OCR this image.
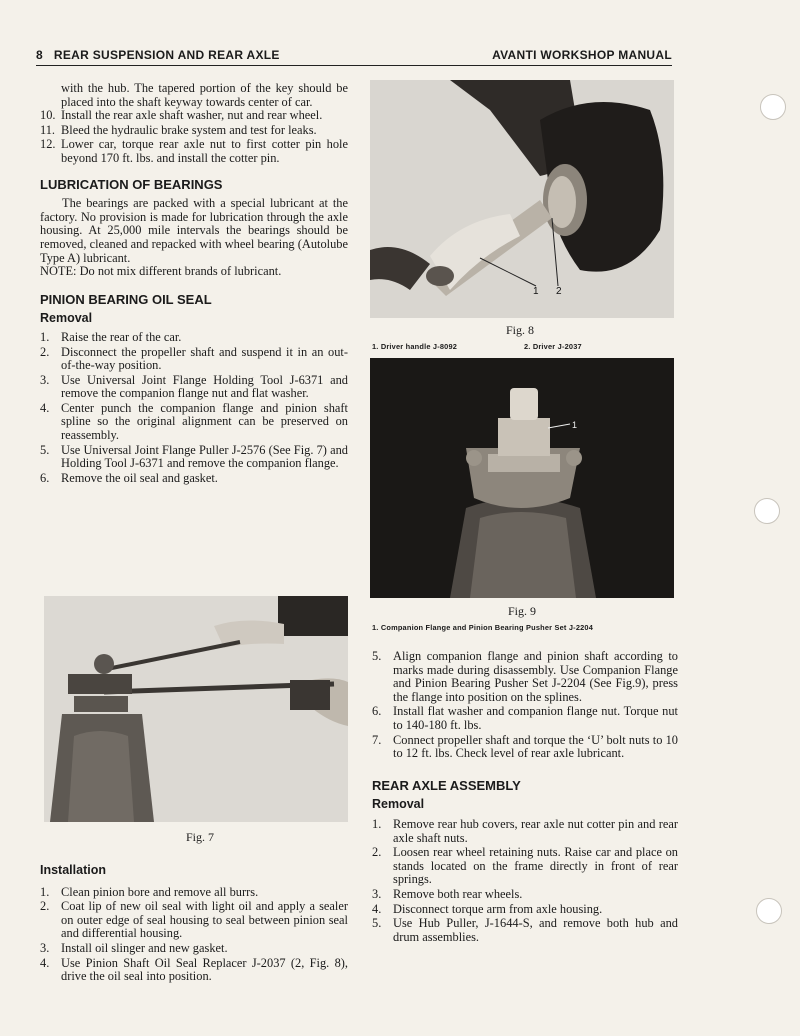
8   REAR SUSPENSION AND REAR AXLE	AVANTI WORKSHOP MANUAL

with the hub. The tapered portion of the key should be placed into the shaft keyway towards center of car.

10. Install the rear axle shaft washer, nut and rear wheel.
11. Bleed the hydraulic brake system and test for leaks.
12. Lower car, torque rear axle nut to first cotter pin hole beyond 170 ft. lbs. and install the cotter pin.
LUBRICATION OF BEARINGS

The bearings are packed with a special lubricant at the factory. No provision is made for lubrication through the axle housing. At 25,000 mile intervals the bearings should be removed, cleaned and repacked with wheel bearing (Autolube Type A) lubricant.

NOTE: Do not mix different brands of lubricant.

PINION BEARING OIL SEAL
Removal
1. Raise the rear of the car.
2. Disconnect the propeller shaft and suspend it in an out-of-the-way position.
3. Use Universal Joint Flange Holding Tool J-6371 and remove the companion flange nut and flat washer.
4. Center punch the companion flange and pinion shaft spline so the original alignment can be preserved on reassembly.
5. Use Universal Joint Flange Puller J-2576 (See Fig. 7) and Holding Tool J-6371 and remove the companion flange.
6. Remove the oil seal and gasket.
Fig. 7
Installation
1. Clean pinion bore and remove all burrs.
2. Coat lip of new oil seal with light oil and apply a sealer on outer edge of seal housing to seal between pinion seal and differential housing.
3. Install oil slinger and new gasket.
4. Use Pinion Shaft Oil Seal Replacer J-2037 (2, Fig. 8), drive the oil seal into position.
1 2
Fig. 8
1. Driver handle J-8092	2. Driver J-2037
1
Fig. 9
1. Companion Flange and Pinion Bearing Pusher Set J-2204
5. Align companion flange and pinion shaft according to marks made during disassembly. Use Companion Flange and Pinion Bearing Pusher Set J-2204 (See Fig.9), press the flange into position on the splines.
6. Install flat washer and companion flange nut. Torque nut to 140-180 ft. lbs.
7. Connect propeller shaft and torque the ‘U’ bolt nuts to 10 to 12 ft. lbs. Check level of rear axle lubricant.
REAR AXLE ASSEMBLY
Removal
1. Remove rear hub covers, rear axle nut cotter pin and rear axle shaft nuts.
2. Loosen rear wheel retaining nuts. Raise car and place on stands located on the frame directly in front of rear springs.
3. Remove both rear wheels.
4. Disconnect torque arm from axle housing.
5. Use Hub Puller, J-1644-S, and remove both hub and drum assemblies.
